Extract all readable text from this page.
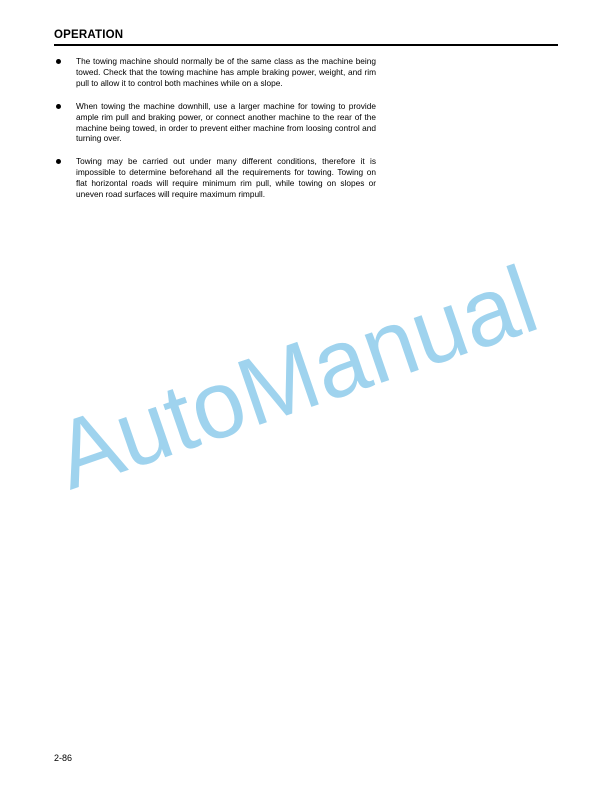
OPERATION
The towing machine should normally be of the same class as the machine being towed. Check that the towing machine has ample braking power, weight, and rim pull to allow it to control both machines while on a slope.
When towing the machine downhill, use a larger machine for towing to provide ample rim pull and braking power, or connect another machine to the rear of the machine being towed, in order to prevent either machine from loosing control and turning over.
Towing may be carried out under many different conditions, therefore it is impossible to determine beforehand all the requirements for towing. Towing on flat horizontal roads will require minimum rim pull, while towing on slopes or uneven road surfaces will require maximum rimpull.
AutoManual
2-86
